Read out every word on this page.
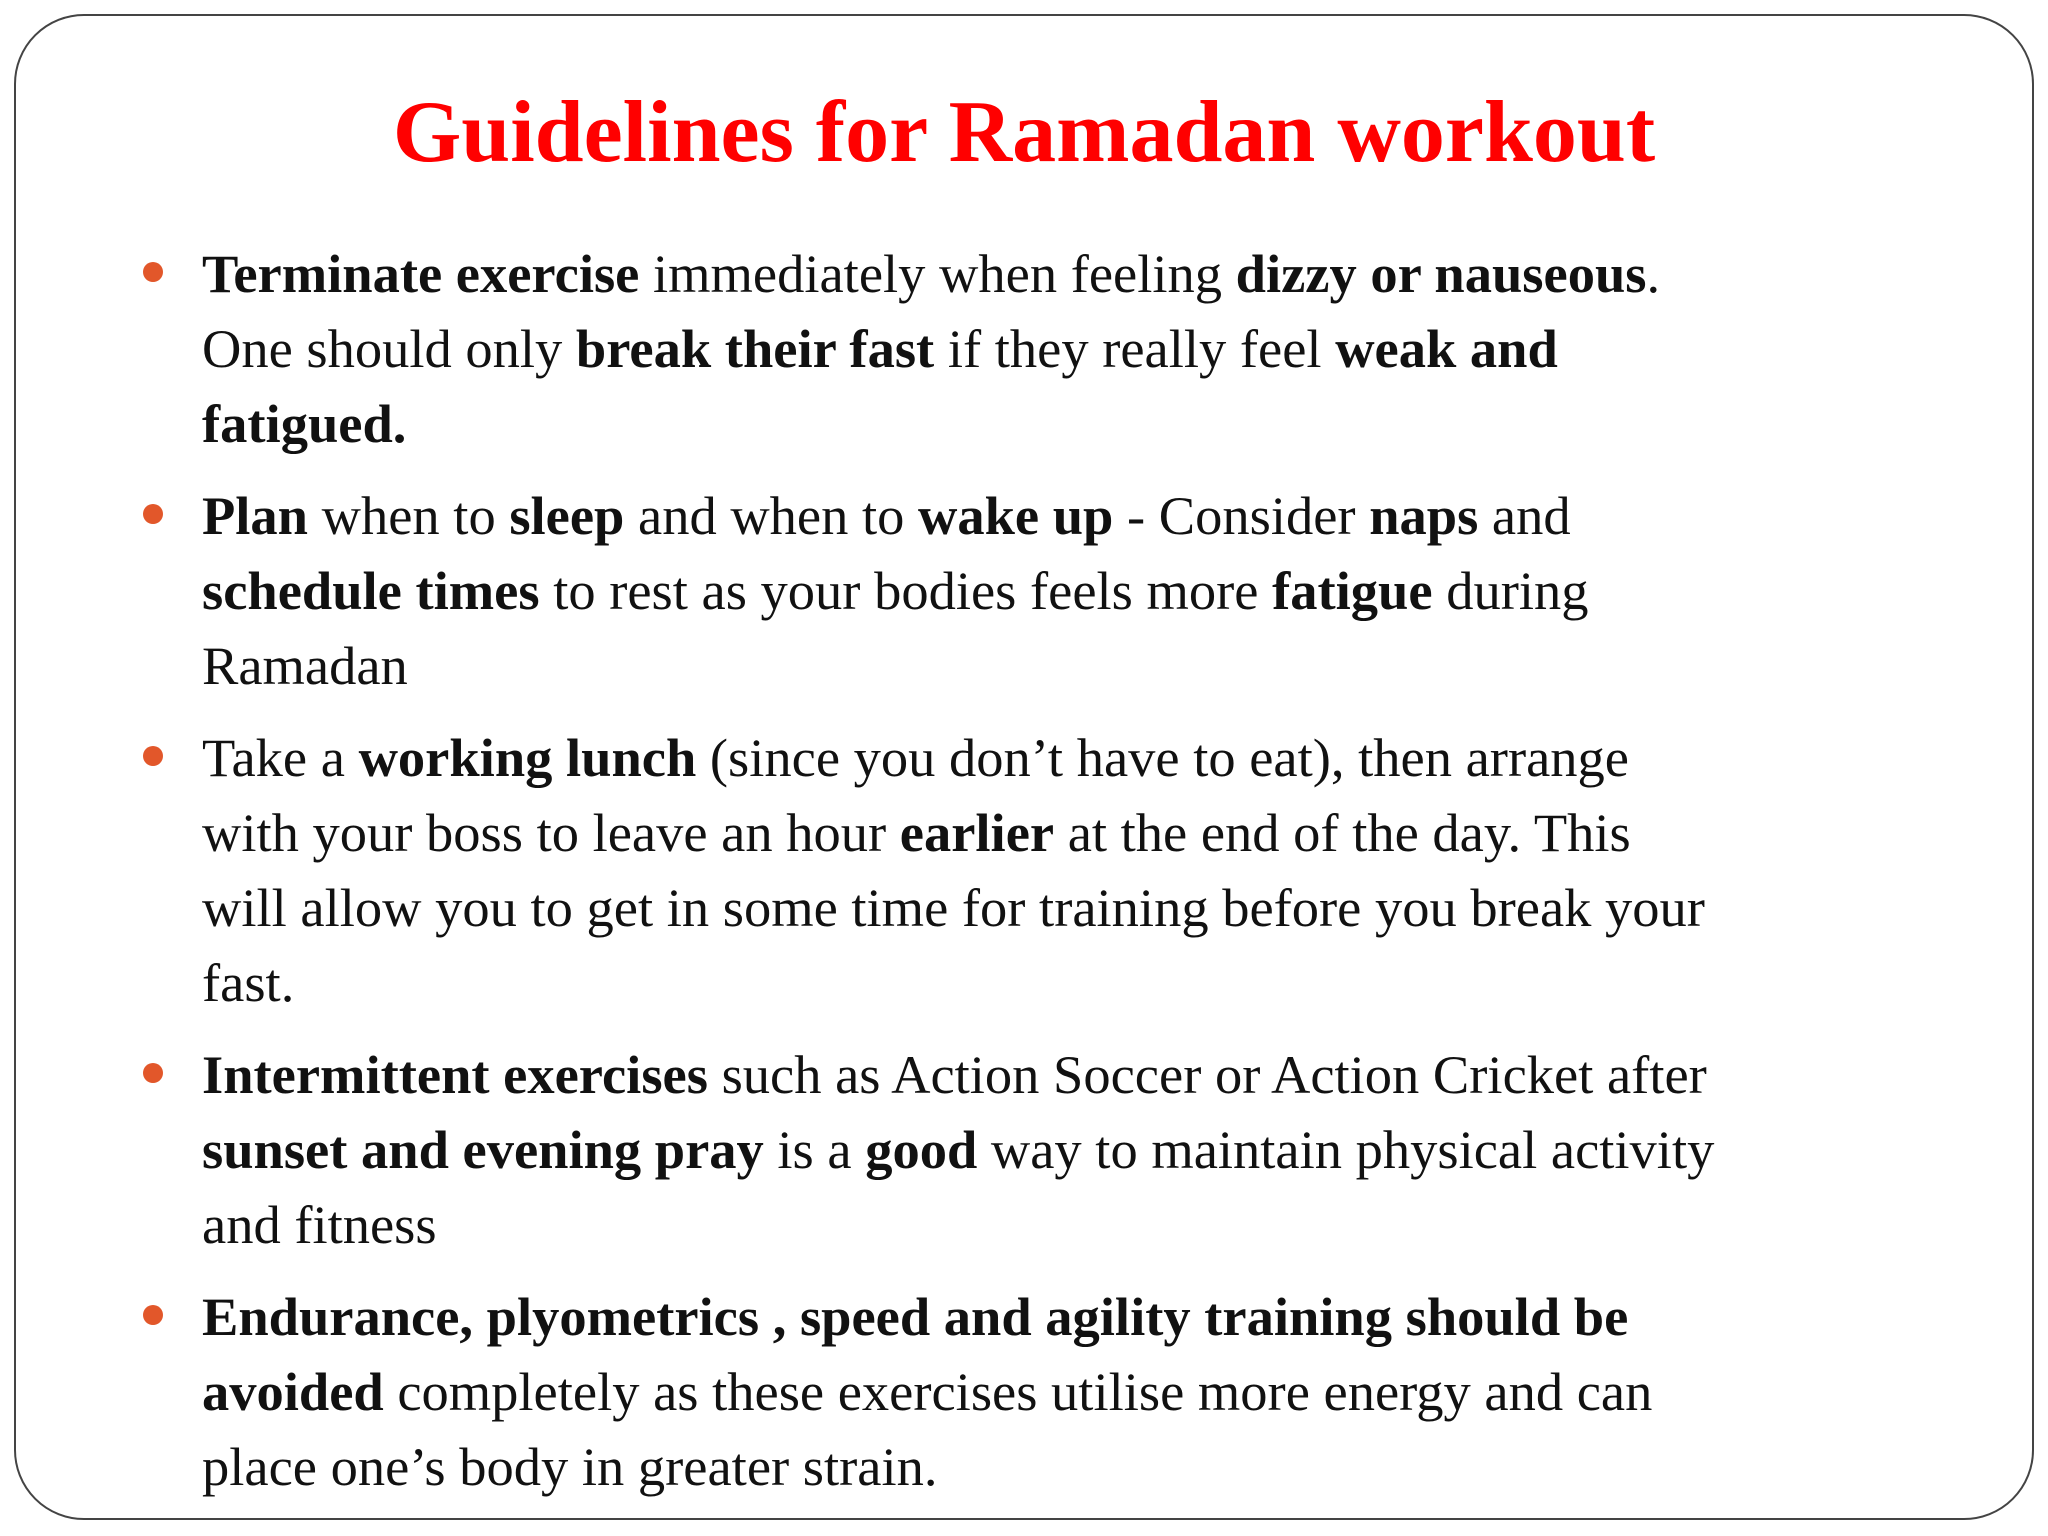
Guidelines for Ramadan workout
Terminate exercise immediately when feeling dizzy or nauseous.
One should only break their fast if they really feel weak and
fatigued.
Plan when to sleep and when to wake up - Consider naps and
schedule times to rest as your bodies feels more fatigue during
Ramadan
Take a working lunch (since you don’t have to eat), then arrange
with your boss to leave an hour earlier at the end of the day. This
will allow you to get in some time for training before you break your
fast.
Intermittent exercises such as Action Soccer or Action Cricket after
sunset and evening pray is a good way to maintain physical activity
and fitness
Endurance, plyometrics , speed and agility training should be
avoided completely as these exercises utilise more energy and can
place one’s body in greater strain.
